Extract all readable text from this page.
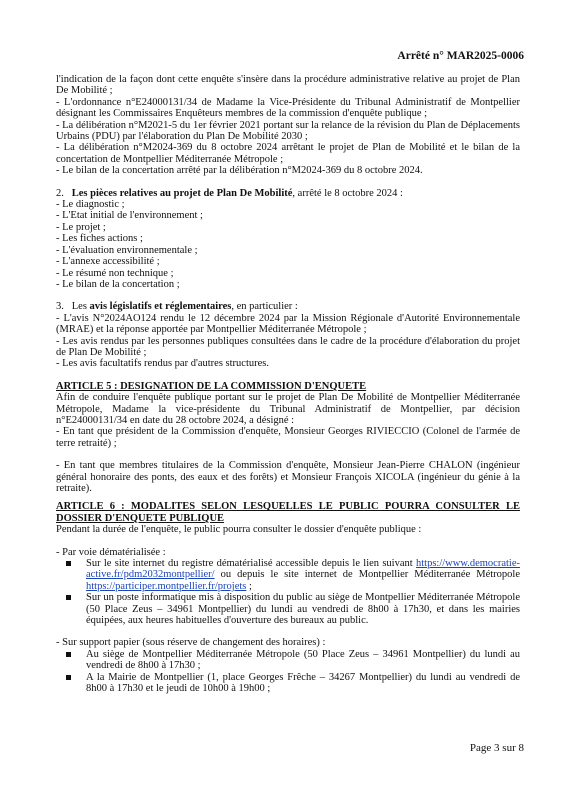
Arrêté n° MAR2025-0006

l'indication de la façon dont cette enquête s'insère dans la procédure administrative relative au projet de Plan De Mobilité ;

- L'ordonnance n°E24000131/34 de Madame la Vice-Présidente du Tribunal Administratif de Montpellier désignant les Commissaires Enquêteurs membres de la commission d'enquête publique ;

- La délibération n°M2021-5 du 1er février 2021 portant sur la relance de la révision du Plan de Déplacements Urbains (PDU) par l'élaboration du Plan De Mobilité 2030 ;

- La délibération n°M2024-369 du 8 octobre 2024 arrêtant le projet de Plan de Mobilité et le bilan de la concertation de Montpellier Méditerranée Métropole ;

- Le bilan de la concertation arrêté par la délibération n°M2024-369 du 8 octobre 2024.

2. Les pièces relatives au projet de Plan De Mobilité, arrêté le 8 octobre 2024 :

- Le diagnostic ;

- L'Etat initial de l'environnement ;

- Le projet ;

- Les fiches actions ;

- L'évaluation environnementale ;

- L'annexe accessibilité ;

- Le résumé non technique ;

- Le bilan de la concertation ;

3. Les avis législatifs et réglementaires, en particulier :

- L'avis N°2024AO124 rendu le 12 décembre 2024 par la Mission Régionale d'Autorité Environnementale (MRAE) et la réponse apportée par Montpellier Méditerranée Métropole ;

- Les avis rendus par les personnes publiques consultées dans le cadre de la procédure d'élaboration du projet de Plan De Mobilité ;

- Les avis facultatifs rendus par d'autres structures.

ARTICLE 5 : DESIGNATION DE LA COMMISSION D'ENQUETE

Afin de conduire l'enquête publique portant sur le projet de Plan De Mobilité de Montpellier Méditerranée Métropole, Madame la vice-présidente du Tribunal Administratif de Montpellier, par décision n°E24000131/34 en date du 28 octobre 2024, a désigné :

- En tant que président de la Commission d'enquête, Monsieur Georges RIVIECCIO (Colonel de l'armée de terre retraité) ;

- En tant que membres titulaires de la Commission d'enquête, Monsieur Jean-Pierre CHALON (ingénieur général honoraire des ponts, des eaux et des forêts) et Monsieur François XICOLA (ingénieur du génie à la retraite).

ARTICLE 6 : MODALITES SELON LESQUELLES LE PUBLIC POURRA CONSULTER LE DOSSIER D'ENQUETE PUBLIQUE

Pendant la durée de l'enquête, le public pourra consulter le dossier d'enquête publique :

- Par voie dématérialisée :

Sur le site internet du registre dématérialisé accessible depuis le lien suivant https://www.democratie-active.fr/pdm2032montpellier/ ou depuis le site internet de Montpellier Méditerranée Métropole https://participer.montpellier.fr/projets ;

Sur un poste informatique mis à disposition du public au siège de Montpellier Méditerranée Métropole (50 Place Zeus – 34961 Montpellier) du lundi au vendredi de 8h00 à 17h30, et dans les mairies équipées, aux heures habituelles d'ouverture des bureaux au public.

- Sur support papier (sous réserve de changement des horaires) :

Au siège de Montpellier Méditerranée Métropole (50 Place Zeus – 34961 Montpellier) du lundi au vendredi de 8h00 à 17h30 ;

A la Mairie de Montpellier (1, place Georges Frêche – 34267 Montpellier) du lundi au vendredi de 8h00 à 17h30 et le jeudi de 10h00 à 19h00 ;

Page 3 sur 8
